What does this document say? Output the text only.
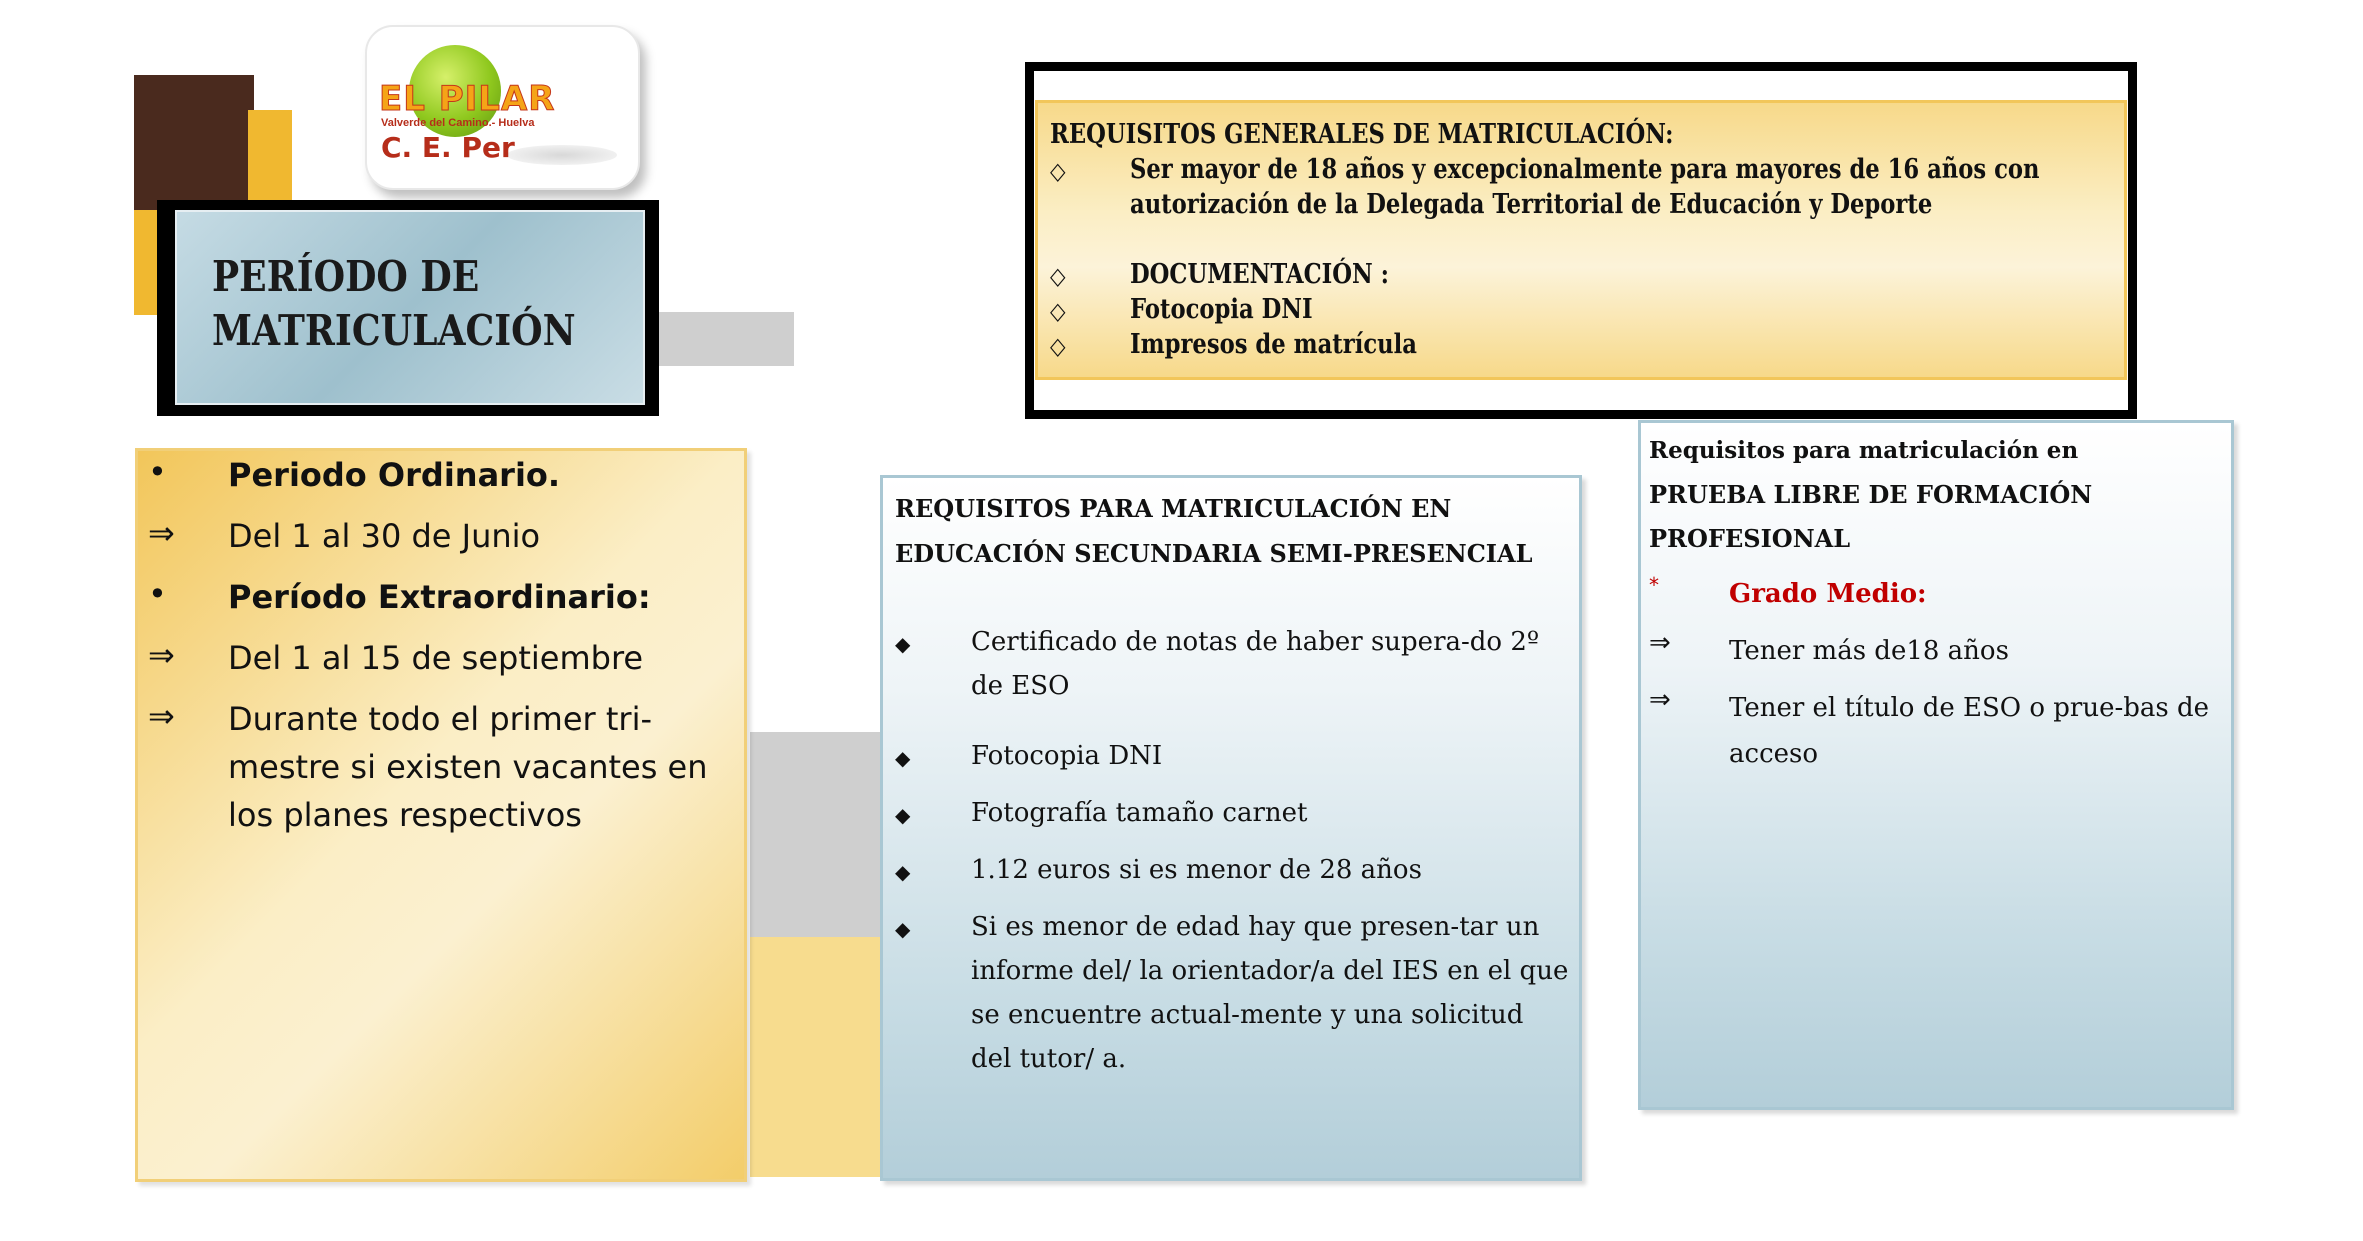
EL PILAR
Valverde del Camino.- Huelva
C. E. Per
PERÍODO DE
MATRICULACIÓN
REQUISITOS GENERALES DE MATRICULACIÓN:
◇ Ser mayor de 18 años y excepcionalmente para mayores de 16 años con
autorización de la Delegada Territorial de Educación y Deporte
◇ DOCUMENTACIÓN :
◇ Fotocopia DNI
◇ Impresos de matrícula
• Periodo Ordinario.
⇒ Del 1 al 30 de Junio
• Período Extraordinario:
⇒ Del 1 al 15 de septiembre
⇒ Durante todo el primer tri-mestre si existen vacantes en los planes respectivos
REQUISITOS PARA MATRICULACIÓN EN EDUCACIÓN SECUNDARIA SEMI-PRESENCIAL
◆ Certificado de notas de haber supera-do 2º de ESO
◆ Fotocopia DNI
◆ Fotografía tamaño carnet
◆ 1.12 euros si es menor de 28 años
◆ Si es menor de edad hay que presen-tar un informe del/ la orientador/a del IES en el que se encuentre actual-mente y una solicitud del tutor/ a.
Requisitos para matriculación en
PRUEBA LIBRE DE FORMACIÓN PROFESIONAL
*	Grado Medio:
⇒ Tener más de18 años
⇒ Tener el título de ESO o prue-bas de acceso
